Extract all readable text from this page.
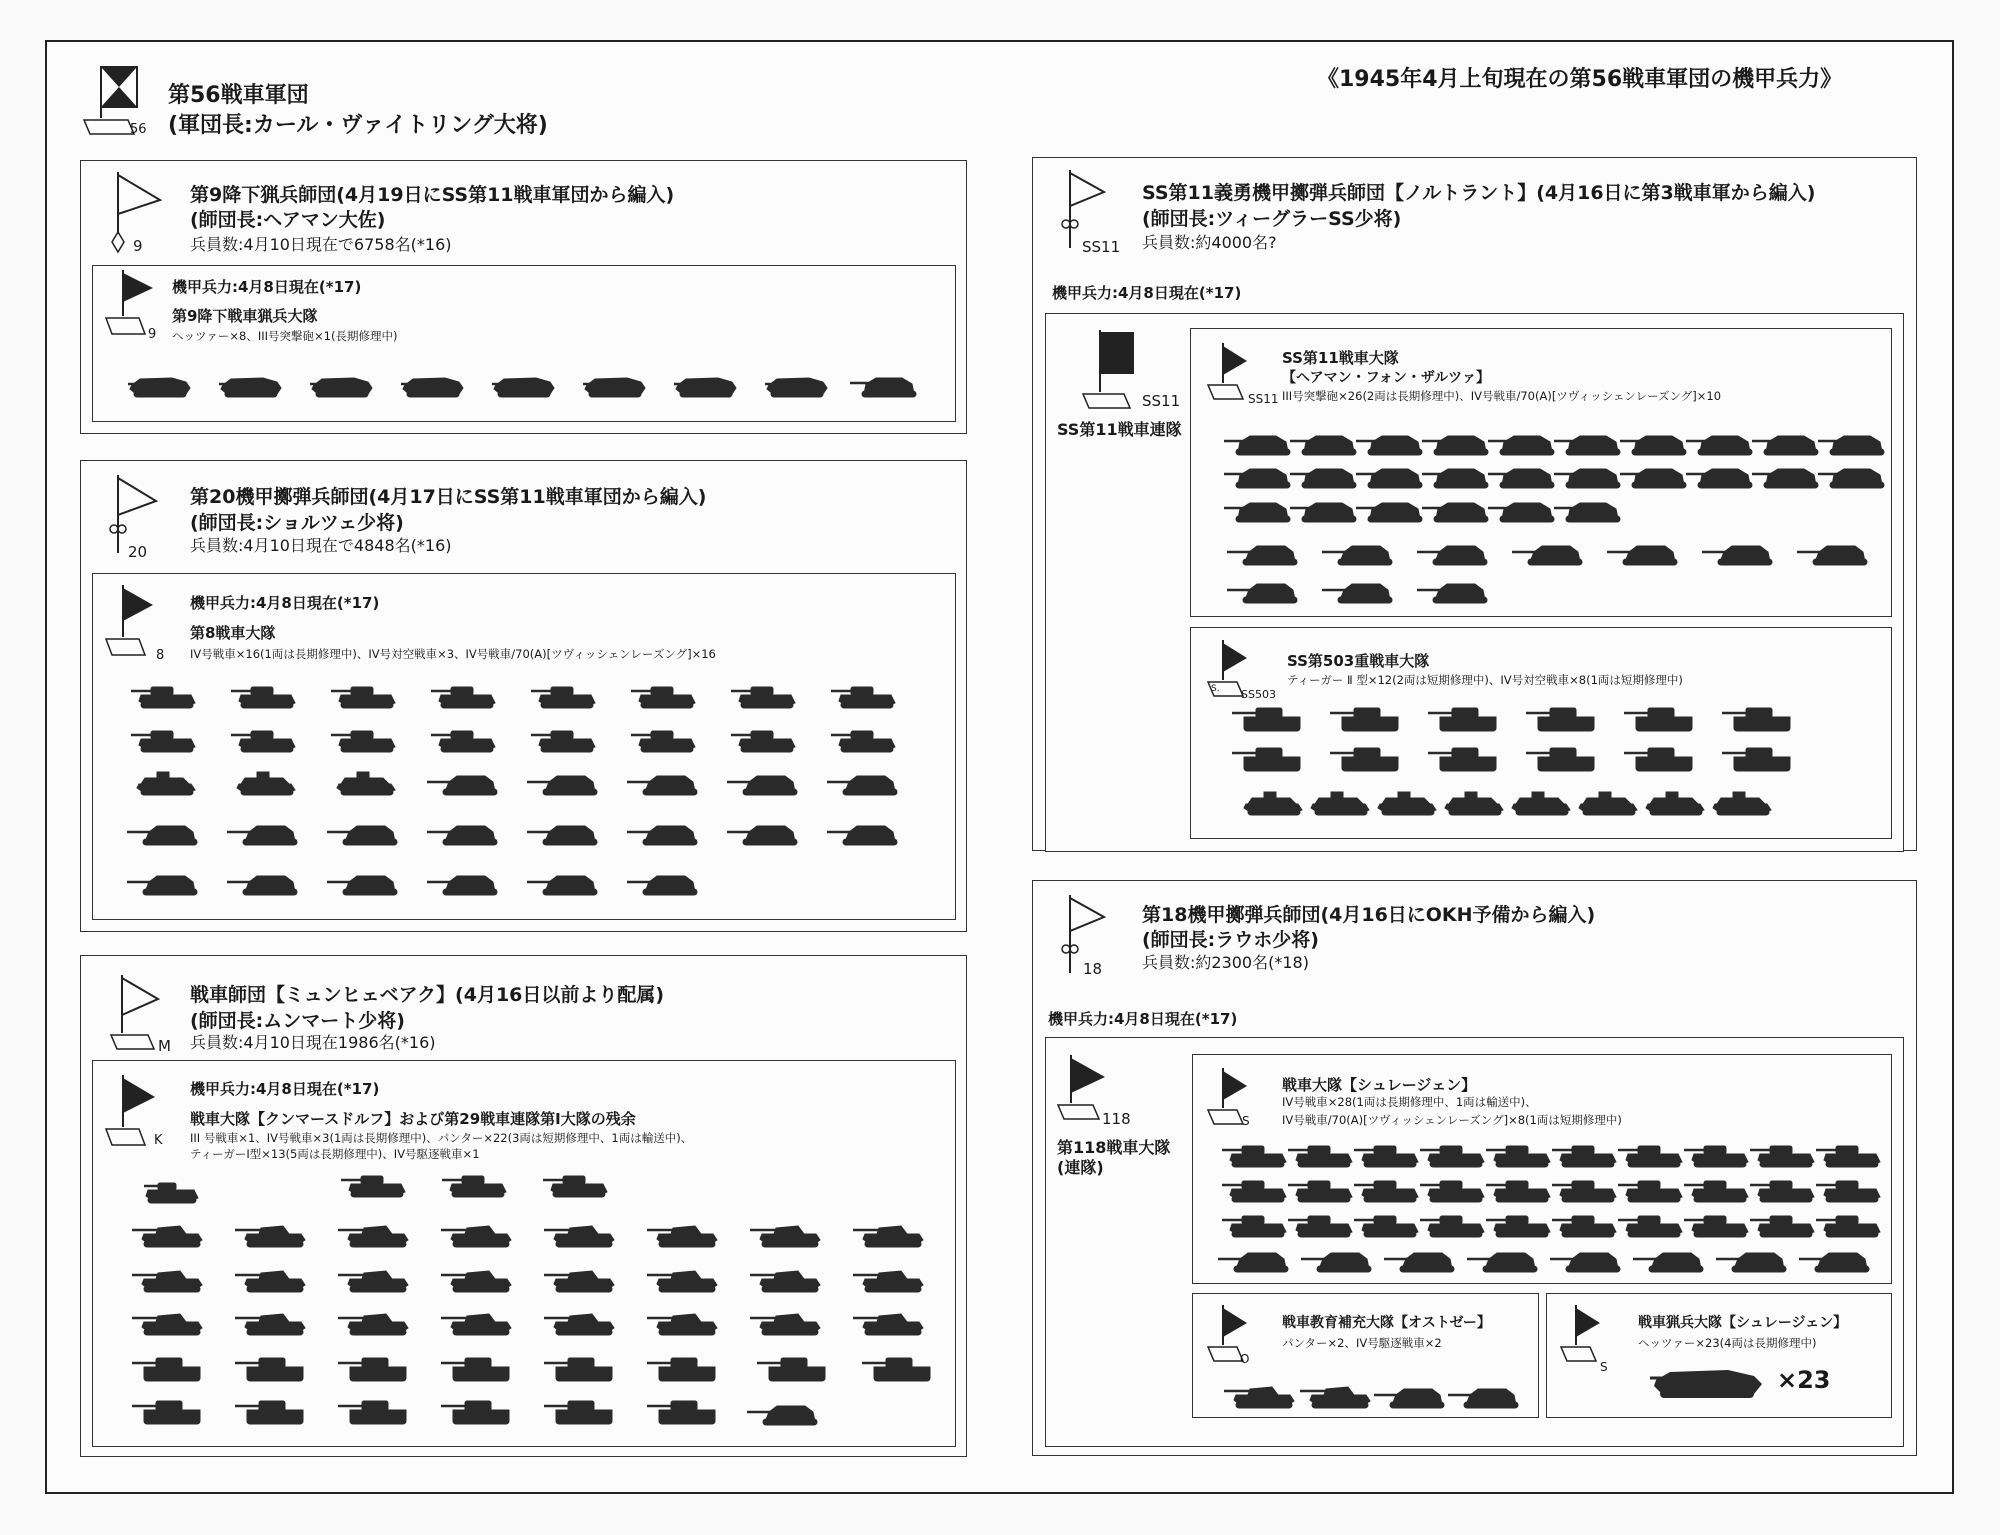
《1945年4月上旬現在の第56戦車軍団の機甲兵力》
56
第56戦車軍団
(軍団長:カール・ヴァイトリング大将)
9
第9降下猟兵師団(4月19日にSS第11戦車軍団から編入)
(師団長:ヘアマン大佐)
兵員数:4月10日現在で6758名(*16)
9
機甲兵力:4月8日現在(*17)
第9降下戦車猟兵大隊
ヘッツァー×8、III号突撃砲×1(長期修理中)
20
第20機甲擲弾兵師団(4月17日にSS第11戦車軍団から編入)
(師団長:ショルツェ少将)
兵員数:4月10日現在で4848名(*16)
8
機甲兵力:4月8日現在(*17)
第8戦車大隊
IV号戦車×16(1両は長期修理中)、IV号対空戦車×3、IV号戦車/70(A)[ツヴィッシェンレーズング]×16
M
戦車師団【ミュンヒェベアク】(4月16日以前より配属)
(師団長:ムンマート少将)
兵員数:4月10日現在1986名(*16)
K
機甲兵力:4月8日現在(*17)
戦車大隊【クンマースドルフ】および第29戦車連隊第Ⅰ大隊の残余
III 号戦車×1、IV号戦車×3(1両は長期修理中)、パンター×22(3両は短期修理中、1両は輸送中)、
ティーガーⅠ型×13(5両は長期修理中)、IV号駆逐戦車×1
SS11
SS第11義勇機甲擲弾兵師団【ノルトラント】(4月16日に第3戦車軍から編入)
(師団長:ツィーグラーSS少将)
兵員数:約4000名?
機甲兵力:4月8日現在(*17)
SS11
SS第11戦車連隊
SS11
SS第11戦車大隊
【ヘアマン・フォン・ザルツァ】
III号突撃砲×26(2両は長期修理中)、IV号戦車/70(A)[ツヴィッシェンレーズング]×10
S. SS503
SS第503重戦車大隊
ティーガー Ⅱ 型×12(2両は短期修理中)、IV号対空戦車×8(1両は短期修理中)
18
第18機甲擲弾兵師団(4月16日にOKH予備から編入)
(師団長:ラウホ少将)
兵員数:約2300名(*18)
機甲兵力:4月8日現在(*17)
118
第118戦車大隊
(連隊)
S
戦車大隊【シュレージェン】
IV号戦車×28(1両は長期修理中、1両は輸送中)、
IV号戦車/70(A)[ツヴィッシェンレーズング]×8(1両は短期修理中)
O
戦車教育補充大隊【オストゼー】
パンター×2、IV号駆逐戦車×2
S
戦車猟兵大隊【シュレージェン】
ヘッツァー×23(4両は長期修理中)
×23
